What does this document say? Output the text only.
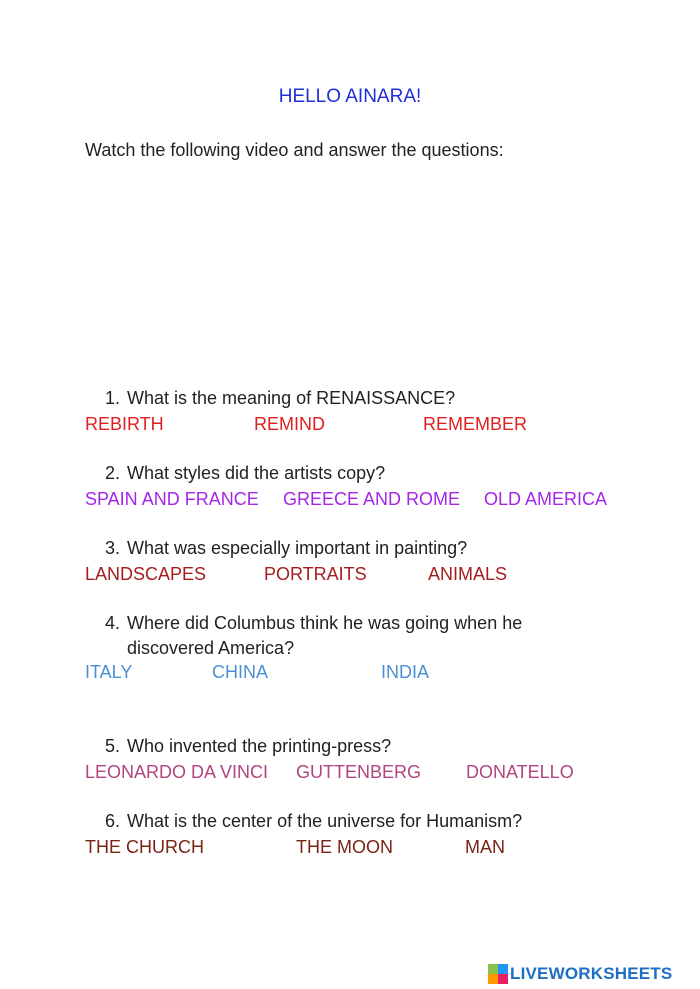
HELLO AINARA!
Watch the following video and answer the questions:
1. What is the meaning of RENAISSANCE?
REBIRTH	REMIND	REMEMBER
2. What styles did the artists copy?
SPAIN AND FRANCE GREECE AND ROME OLD AMERICA
3. What was especially important in painting?
LANDSCAPES	PORTRAITS	ANIMALS
4. Where did Columbus think he was going when he discovered America?
ITALY	CHINA	INDIA
5. Who invented the printing-press?
LEONARDO DA VINCI GUTTENBERG DONATELLO
6. What is the center of the universe for Humanism?
THE CHURCH	THE MOON	MAN
LIVEWORKSHEETS
